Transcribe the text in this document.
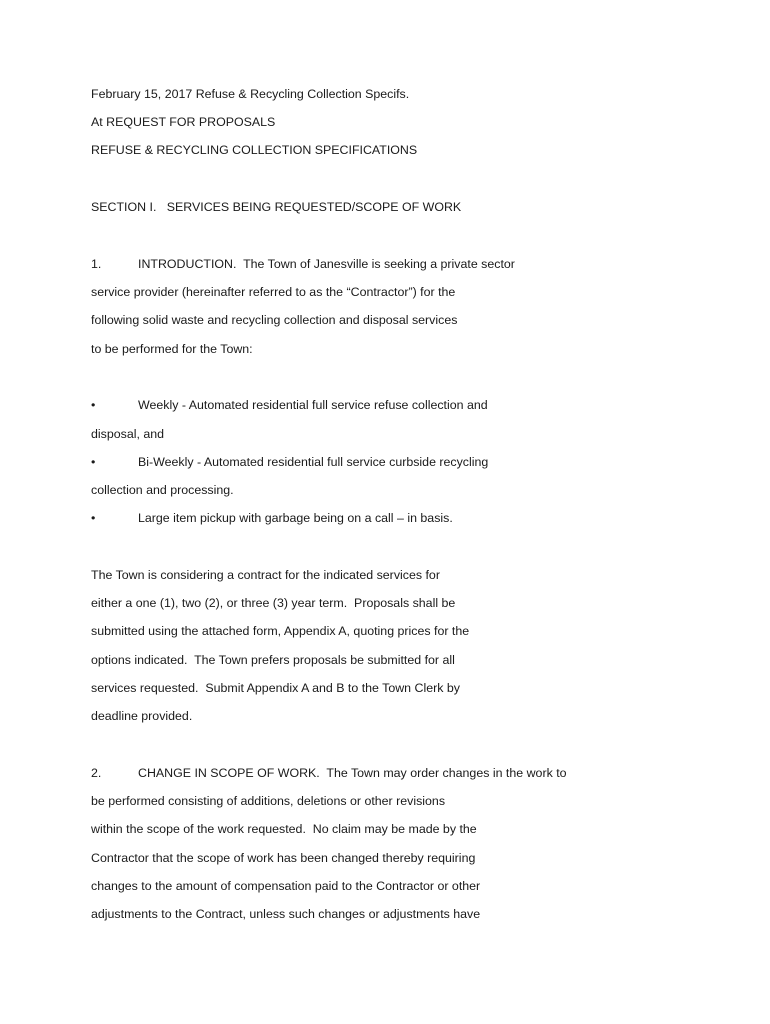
February 15, 2017 Refuse & Recycling Collection Specifs.
At REQUEST FOR PROPOSALS
REFUSE & RECYCLING COLLECTION SPECIFICATIONS
SECTION I.   SERVICES BEING REQUESTED/SCOPE OF WORK
1.	INTRODUCTION.  The Town of Janesville is seeking a private sector
service provider (hereinafter referred to as the “Contractor”) for the
following solid waste and recycling collection and disposal services
to be performed for the Town:
•	Weekly - Automated residential full service refuse collection and
disposal, and
•	Bi-Weekly - Automated residential full service curbside recycling
collection and processing.
•	Large item pickup with garbage being on a call – in basis.
The Town is considering a contract for the indicated services for
either a one (1), two (2), or three (3) year term.  Proposals shall be
submitted using the attached form, Appendix A, quoting prices for the
options indicated.  The Town prefers proposals be submitted for all
services requested.  Submit Appendix A and B to the Town Clerk by
deadline provided.
2.	CHANGE IN SCOPE OF WORK.  The Town may order changes in the work to
be performed consisting of additions, deletions or other revisions
within the scope of the work requested.  No claim may be made by the
Contractor that the scope of work has been changed thereby requiring
changes to the amount of compensation paid to the Contractor or other
adjustments to the Contract, unless such changes or adjustments have
